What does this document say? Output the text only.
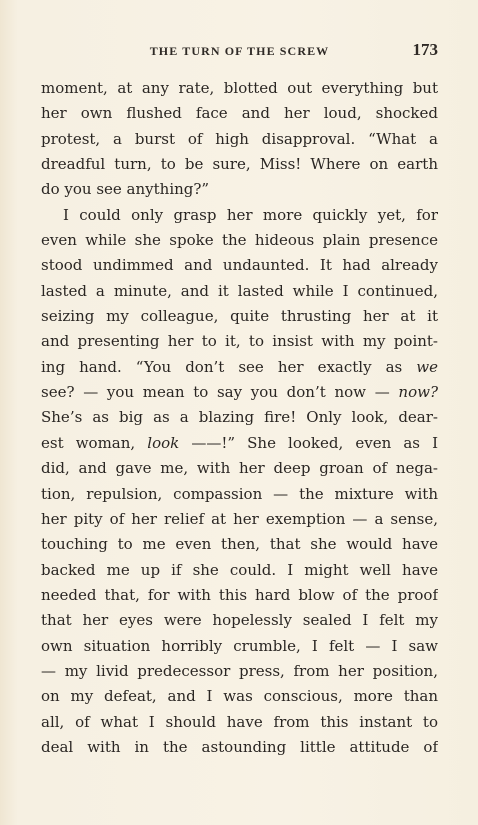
THE TURN OF THE SCREW	173
moment, at any rate, blotted out everything but
her own flushed face and her loud, shocked
protest, a burst of high disapproval. “What a
dreadful turn, to be sure, Miss! Where on earth
do you see anything?”
I could only grasp her more quickly yet, for
even while she spoke the hideous plain presence
stood undimmed and undaunted. It had already
lasted a minute, and it lasted while I continued,
seizing my colleague, quite thrusting her at it
and presenting her to it, to insist with my point-
ing hand. “You don’t see her exactly as we
see? — you mean to say you don’t now — now?
She’s as big as a blazing fire! Only look, dear-
est woman, look ——!” She looked, even as I
did, and gave me, with her deep groan of nega-
tion, repulsion, compassion — the mixture with
her pity of her relief at her exemption — a sense,
touching to me even then, that she would have
backed me up if she could. I might well have
needed that, for with this hard blow of the proof
that her eyes were hopelessly sealed I felt my
own situation horribly crumble, I felt — I saw
— my livid predecessor press, from her position,
on my defeat, and I was conscious, more than
all, of what I should have from this instant to
deal with in the astounding little attitude of
